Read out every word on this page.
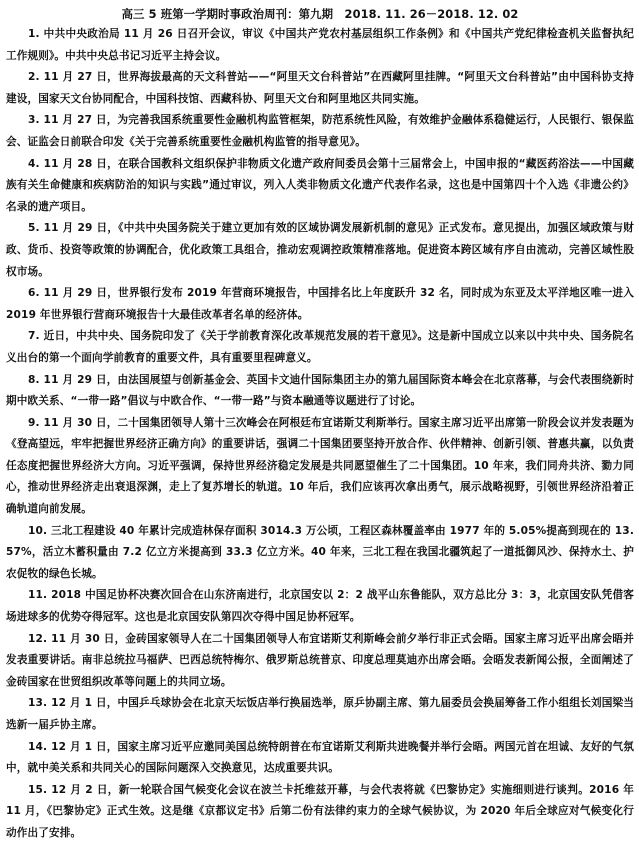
高三 5 班第一学期时事政治周刊：第九期　2018. 11. 26－2018. 12. 02

1. 中共中央政治局 11 月 26 日召开会议，审议《中国共产党农村基层组织工作条例》和《中国共产党纪律检查机关监督执纪工作规则》。中共中央总书记习近平主持会议。

2. 11 月 27 日，世界海拔最高的天文科普站——“阿里天文台科普站”在西藏阿里挂牌。“阿里天文台科普站”由中国科协支持建设，国家天文台协同配合，中国科技馆、西藏科协、阿里天文台和阿里地区共同实施。

3. 11 月 27 日，为完善我国系统重要性金融机构监管框架，防范系统性风险，有效维护金融体系稳健运行，人民银行、银保监会、证监会日前联合印发《关于完善系统重要性金融机构监管的指导意见》。

4. 11 月 28 日，在联合国教科文组织保护非物质文化遗产政府间委员会第十三届常会上，中国申报的“藏医药浴法——中国藏族有关生命健康和疾病防治的知识与实践”通过审议，列入人类非物质文化遗产代表作名录，这也是中国第四十个入选《非遗公约》名录的遗产项目。

5. 11 月 29 日，《中共中央国务院关于建立更加有效的区域协调发展新机制的意见》正式发布。意见提出，加强区域政策与财政、货币、投资等政策的协调配合，优化政策工具组合，推动宏观调控政策精准落地。促进资本跨区域有序自由流动，完善区域性股权市场。

6. 11 月 29 日，世界银行发布 2019 年营商环境报告，中国排名比上年度跃升 32 名，同时成为东亚及太平洋地区唯一进入 2019 年世界银行营商环境报告十大最佳改革者名单的经济体。

7. 近日，中共中央、国务院印发了《关于学前教育深化改革规范发展的若干意见》。这是新中国成立以来以中共中央、国务院名义出台的第一个面向学前教育的重要文件，具有重要里程碑意义。

8. 11 月 29 日，由法国展望与创新基金会、英国卡文迪什国际集团主办的第九届国际资本峰会在北京落幕，与会代表围绕新时期中欧关系、“一带一路”倡议与中欧合作、“一带一路”与资本融通等议题进行了讨论。

9. 11 月 30 日，二十国集团领导人第十三次峰会在阿根廷布宜诺斯艾利斯举行。国家主席习近平出席第一阶段会议并发表题为《登高望远，牢牢把握世界经济正确方向》的重要讲话，强调二十国集团要坚持开放合作、伙伴精神、创新引领、普惠共赢，以负责任态度把握世界经济大方向。习近平强调，保持世界经济稳定发展是共同愿望催生了二十国集团。10 年来，我们同舟共济、勠力同心，推动世界经济走出衰退深渊，走上了复苏增长的轨道。10 年后，我们应该再次拿出勇气，展示战略视野，引领世界经济沿着正确轨道向前发展。

10. 三北工程建设 40 年累计完成造林保存面积 3014.3 万公顷，工程区森林覆盖率由 1977 年的 5.05%提高到现在的 13.57%，活立木蓄积量由 7.2 亿立方米提高到 33.3 亿立方米。40 年来，三北工程在我国北疆筑起了一道抵御风沙、保持水土、护农促牧的绿色长城。

11. 2018 中国足协杯决赛次回合在山东济南进行，北京国安以 2：2 战平山东鲁能队，双方总比分 3：3，北京国安队凭借客场进球多的优势夺得冠军。这也是北京国安队第四次夺得中国足协杯冠军。

12. 11 月 30 日，金砖国家领导人在二十国集团领导人布宜诺斯艾利斯峰会前夕举行非正式会晤。国家主席习近平出席会晤并发表重要讲话。南非总统拉马福萨、巴西总统特梅尔、俄罗斯总统普京、印度总理莫迪亦出席会晤。会晤发表新闻公报，全面阐述了金砖国家在世贸组织改革等问题上的共同立场。

13. 12 月 1 日，中国乒乓球协会在北京天坛饭店举行换届选举，原乒协副主席、第九届委员会换届筹备工作小组组长刘国梁当选新一届乒协主席。

14. 12 月 1 日，国家主席习近平应邀同美国总统特朗普在布宜诺斯艾利斯共进晚餐并举行会晤。两国元首在坦诚、友好的气氛中，就中美关系和共同关心的国际问题深入交换意见，达成重要共识。

15. 12 月 2 日，新一轮联合国气候变化会议在波兰卡托维兹开幕，与会代表将就《巴黎协定》实施细则进行谈判。2016 年 11 月，《巴黎协定》正式生效。这是继《京都议定书》后第二份有法律约束力的全球气候协议，为 2020 年后全球应对气候变化行动作出了安排。
